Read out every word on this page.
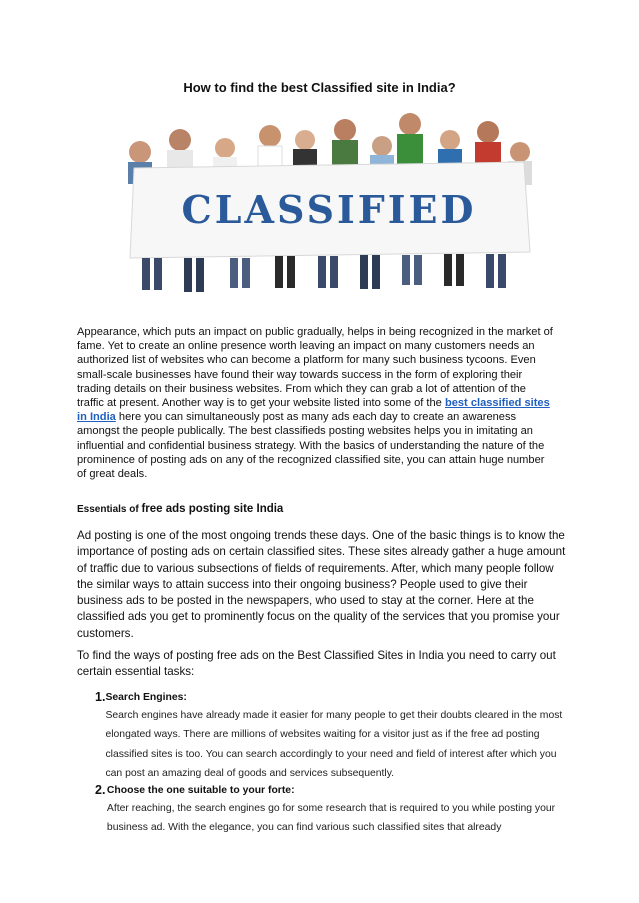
How to find the best Classified site in India?
CLASSIFIED
Appearance, which puts an impact on public gradually, helps in being recognized in the market of fame. Yet to create an online presence worth leaving an impact on many customers needs an authorized list of websites who can become a platform for many such business tycoons. Even small-scale businesses have found their way towards success in the form of exploring their trading details on their business websites. From which they can grab a lot of attention of the traffic at present. Another way is to get your website listed into some of the best classified sites in India here you can simultaneously post as many ads each day to create an awareness amongst the people publically. The best classifieds posting websites helps you in imitating an influential and confidential business strategy. With the basics of understanding the nature of the prominence of posting ads on any of the recognized classified site, you can attain huge number of great deals.
Essentials of free ads posting site India
Ad posting is one of the most ongoing trends these days. One of the basic things is to know the importance of posting ads on certain classified sites. These sites already gather a huge amount of traffic due to various subsections of fields of requirements. After, which many people follow the similar ways to attain success into their ongoing business? People used to give their business ads to be posted in the newspapers, who used to stay at the corner. Here at the classified ads you get to prominently focus on the quality of the services that you promise your customers.
To find the ways of posting free ads on the Best Classified Sites in India you need to carry out certain essential tasks:
1. Search Engines:
Search engines have already made it easier for many people to get their doubts cleared in the most elongated ways. There are millions of websites waiting for a visitor just as if the free ad posting classified sites is too. You can search accordingly to your need and field of interest after which you can post an amazing deal of goods and services subsequently.
2. Choose the one suitable to your forte:
After reaching, the search engines go for some research that is required to you while posting your business ad. With the elegance, you can find various such classified sites that already
